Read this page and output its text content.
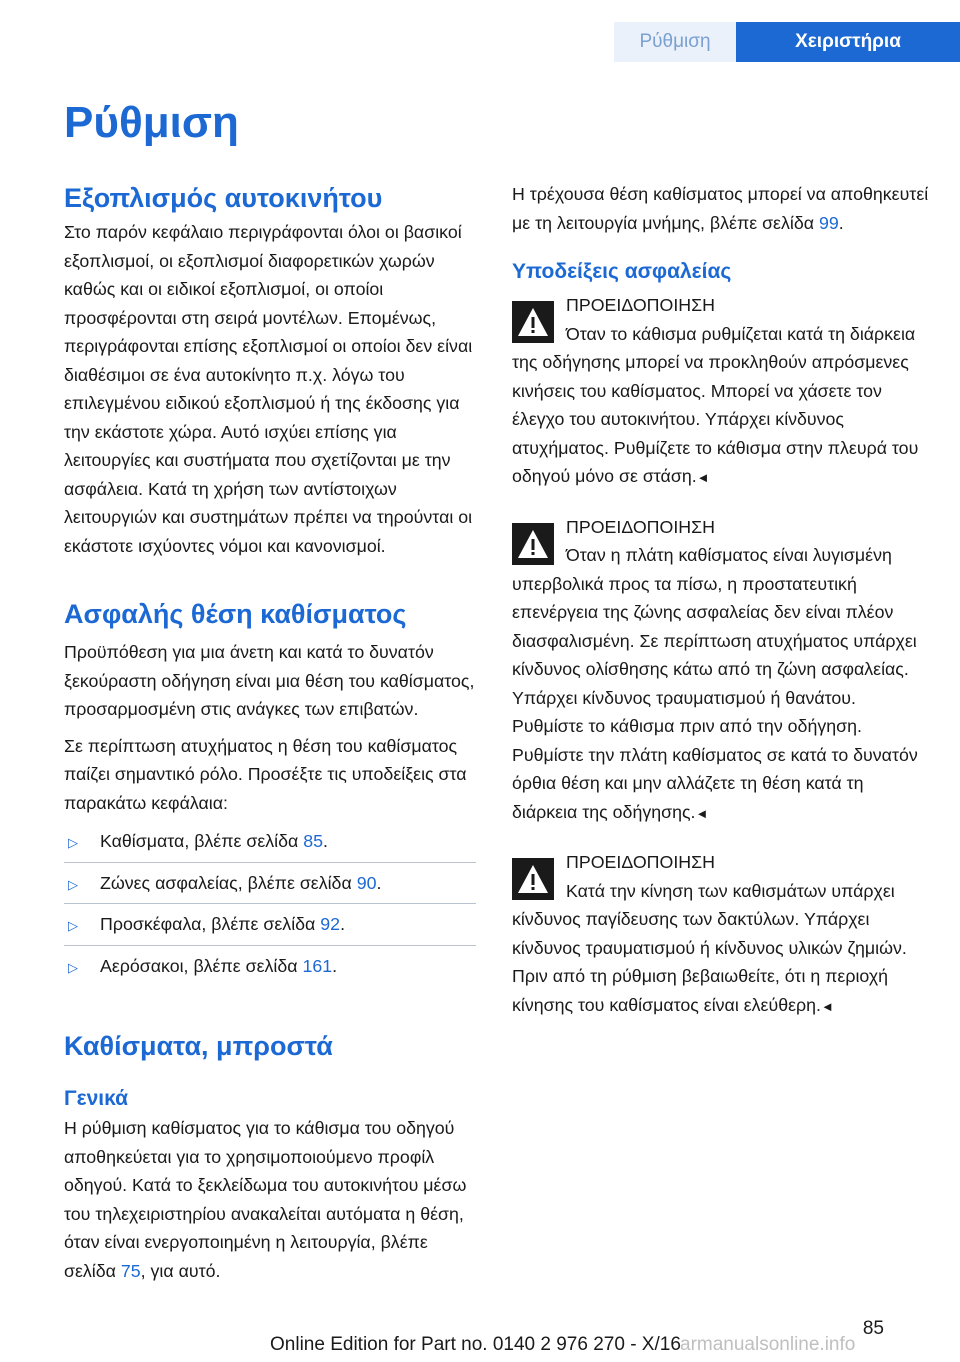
Ρύθμιση	Χειριστήρια
Ρύθμιση
Εξοπλισμός αυτοκινήτου

Στο παρόν κεφάλαιο περιγράφονται όλοι οι βασικοί εξοπλισμοί, οι εξοπλισμοί διαφορετικών χωρών καθώς και οι ειδικοί εξοπλισμοί, οι οποίοι προσφέρονται στη σειρά μοντέλων. Επομένως, περιγράφονται επίσης εξοπλισμοί οι οποίοι δεν είναι διαθέσιμοι σε ένα αυτοκίνητο π.χ. λόγω του επιλεγμένου ειδικού εξοπλισμού ή της έκδοσης για την εκάστοτε χώρα. Αυτό ισχύει επίσης για λειτουργίες και συστήματα που σχετίζονται με την ασφάλεια. Κατά τη χρήση των αντίστοιχων λειτουργιών και συστημάτων πρέπει να τηρούνται οι εκάστοτε ισχύοντες νόμοι και κανονισμοί.

Ασφαλής θέση καθίσματος

Προϋπόθεση για μια άνετη και κατά το δυνατόν ξεκούραστη οδήγηση είναι μια θέση του καθίσματος, προσαρμοσμένη στις ανάγκες των επιβατών.

Σε περίπτωση ατυχήματος η θέση του καθίσματος παίζει σημαντικό ρόλο. Προσέξτε τις υποδείξεις στα παρακάτω κεφάλαια:

▷ Καθίσματα, βλέπε σελίδα 85.
▷ Ζώνες ασφαλείας, βλέπε σελίδα 90.
▷ Προσκέφαλα, βλέπε σελίδα 92.
▷ Αερόσακοι, βλέπε σελίδα 161.
Καθίσματα, μπροστά
Γενικά

Η ρύθμιση καθίσματος για το κάθισμα του οδηγού αποθηκεύεται για το χρησιμοποιούμενο προφίλ οδηγού. Κατά το ξεκλείδωμα του αυτοκινήτου μέσω του τηλεχειριστηρίου ανακαλείται αυτόματα η θέση, όταν είναι ενεργοποιημένη η λειτουργία, βλέπε σελίδα 75, για αυτό.

Η τρέχουσα θέση καθίσματος μπορεί να αποθηκευτεί με τη λειτουργία μνήμης, βλέπε σελίδα 99.

Υποδείξεις ασφαλείας
ΠΡΟΕΙΔΟΠΟΙΗΣΗ

Όταν το κάθισμα ρυθμίζεται κατά τη διάρκεια της οδήγησης μπορεί να προκληθούν απρόσμενες κινήσεις του καθίσματος. Μπορεί να χάσετε τον έλεγχο του αυτοκινήτου. Υπάρχει κίνδυνος ατυχήματος. Ρυθμίζετε το κάθισμα στην πλευρά του οδηγού μόνο σε στάση.◄

ΠΡΟΕΙΔΟΠΟΙΗΣΗ

Όταν η πλάτη καθίσματος είναι λυγισμένη υπερβολικά προς τα πίσω, η προστατευτική επενέργεια της ζώνης ασφαλείας δεν είναι πλέον διασφαλισμένη. Σε περίπτωση ατυχήματος υπάρχει κίνδυνος ολίσθησης κάτω από τη ζώνη ασφαλείας. Υπάρχει κίνδυνος τραυματισμού ή θανάτου. Ρυθμίστε το κάθισμα πριν από την οδήγηση. Ρυθμίστε την πλάτη καθίσματος σε κατά το δυνατόν όρθια θέση και μην αλλάζετε τη θέση κατά τη διάρκεια της οδήγησης.◄

ΠΡΟΕΙΔΟΠΟΙΗΣΗ

Κατά την κίνηση των καθισμάτων υπάρχει κίνδυνος παγίδευσης των δακτύλων. Υπάρχει κίνδυνος τραυματισμού ή κίνδυνος υλικών ζημιών. Πριν από τη ρύθμιση βεβαιωθείτε, ότι η περιοχή κίνησης του καθίσματος είναι ελεύθερη.◄

85
Online Edition for Part no. 0140 2 976 270 - X/16 armanualsonline.info
